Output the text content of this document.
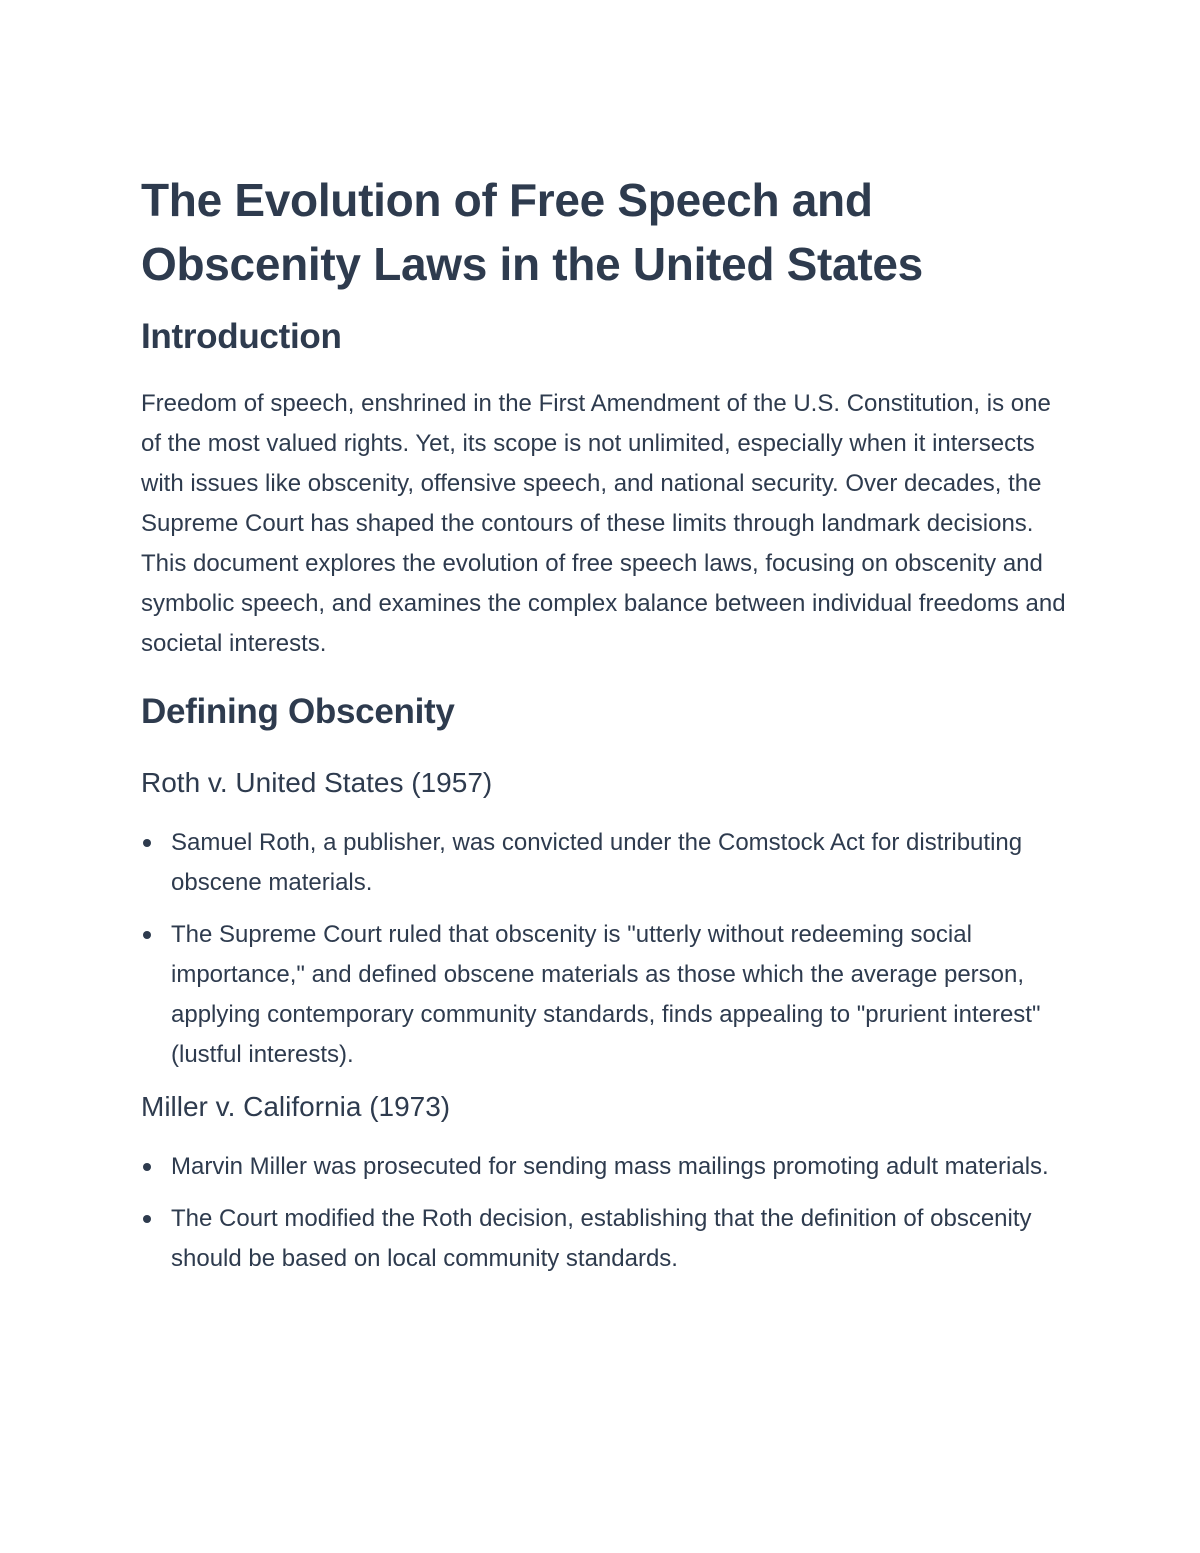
The Evolution of Free Speech and Obscenity Laws in the United States
Introduction

Freedom of speech, enshrined in the First Amendment of the U.S. Constitution, is one of the most valued rights. Yet, its scope is not unlimited, especially when it intersects with issues like obscenity, offensive speech, and national security. Over decades, the Supreme Court has shaped the contours of these limits through landmark decisions. This document explores the evolution of free speech laws, focusing on obscenity and symbolic speech, and examines the complex balance between individual freedoms and societal interests.

Defining Obscenity
Roth v. United States (1957)
Samuel Roth, a publisher, was convicted under the Comstock Act for distributing obscene materials.
The Supreme Court ruled that obscenity is "utterly without redeeming social importance," and defined obscene materials as those which the average person, applying contemporary community standards, finds appealing to "prurient interest" (lustful interests).
Miller v. California (1973)
Marvin Miller was prosecuted for sending mass mailings promoting adult materials.
The Court modified the Roth decision, establishing that the definition of obscenity should be based on local community standards.
